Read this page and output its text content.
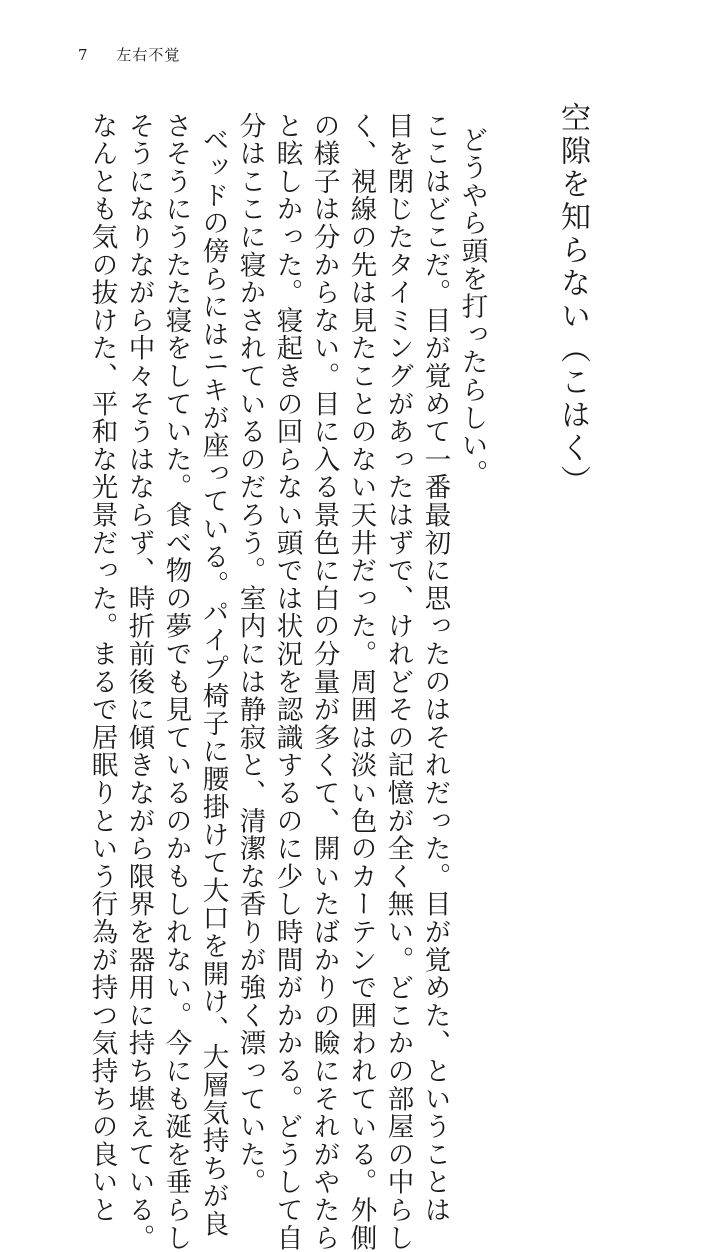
7 左右不覚
空隙を知らない（こはく）
どうやら頭を打ったらしい。
ここはどこだ。目が覚めて一番最初に思ったのはそれだった。目が覚めた、ということは
目を閉じたタイミングがあったはずで、けれどその記憶が全く無い。どこかの部屋の中らし
く、視線の先は見たことのない天井だった。周囲は淡い色のカーテンで囲われている。外側
の様子は分からない。目に入る景色に白の分量が多くて、開いたばかりの瞼にそれがやたら
と眩しかった。寝起きの回らない頭では状況を認識するのに少し時間がかかる。どうして自
分はここに寝かされているのだろう。室内には静寂と、清潔な香りが強く漂っていた。
ベッドの傍らにはニキが座っている。パイプ椅子に腰掛けて大口を開け、大層気持ちが良
さそうにうたた寝をしていた。食べ物の夢でも見ているのかもしれない。今にも涎を垂らし
そうになりながら中々そうはならず、時折前後に傾きながら限界を器用に持ち堪えている。
なんとも気の抜けた、平和な光景だった。まるで居眠りという行為が持つ気持ちの良いと
